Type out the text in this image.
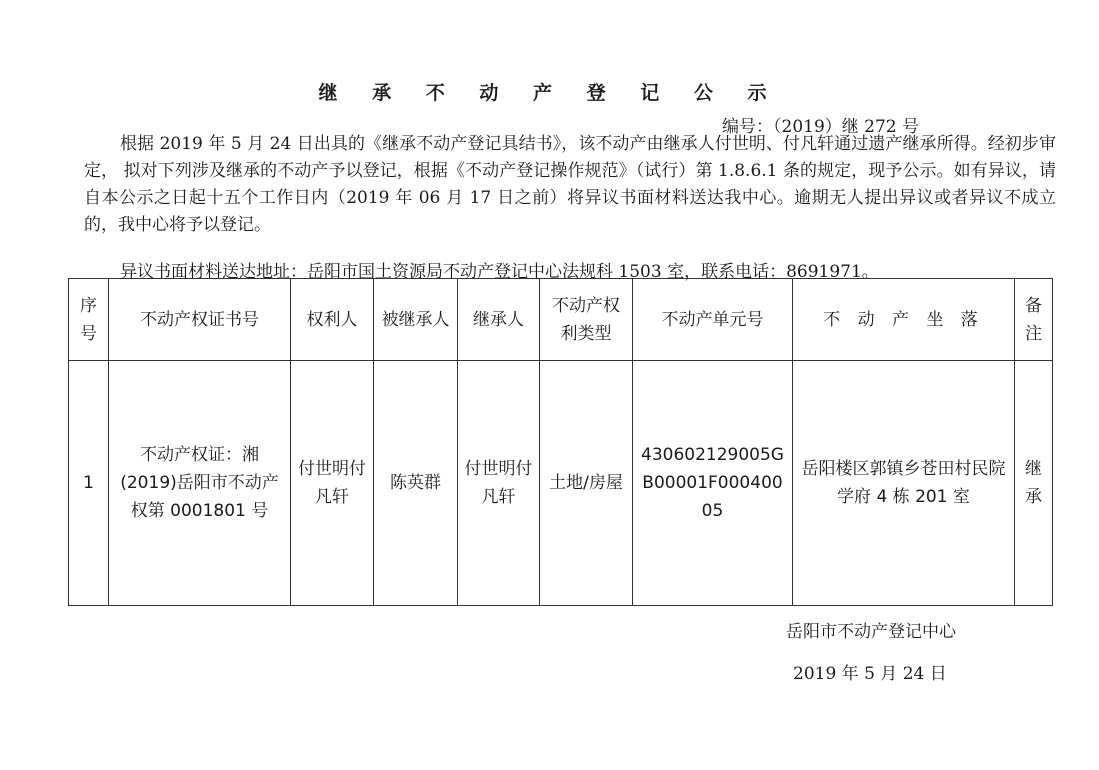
继 承 不 动 产 登 记 公 示
编号：（2019）继 272 号
根据 2019 年 5 月 24 日出具的《继承不动产登记具结书》，该不动产由继承人付世明、付凡轩通过遗产继承所得。经初步审定， 拟对下列涉及继承的不动产予以登记，根据《不动产登记操作规范》（试行）第 1.8.6.1 条的规定，现予公示。如有异议，请自本公示之日起十五个工作日内（2019 年 06 月 17 日之前）将异议书面材料送达我中心。逾期无人提出异议或者异议不成立的，我中心将予以登记。
异议书面材料送达地址：岳阳市国土资源局不动产登记中心法规科 1503 室，联系电话：8691971。
序号	不动产权证书号	权利人	被继承人	继承人	不动产权利类型	不动产单元号	不 动 产 坐 落	备注
1	不动产权证：湘(2019)岳阳市不动产权第 0001801 号	付世明付凡轩	陈英群	付世明付凡轩	土地/房屋	430602129005GB00001F00040005	岳阳楼区郭镇乡苍田村民院学府 4 栋 201 室	继承
岳阳市不动产登记中心
2019 年 5 月 24 日
